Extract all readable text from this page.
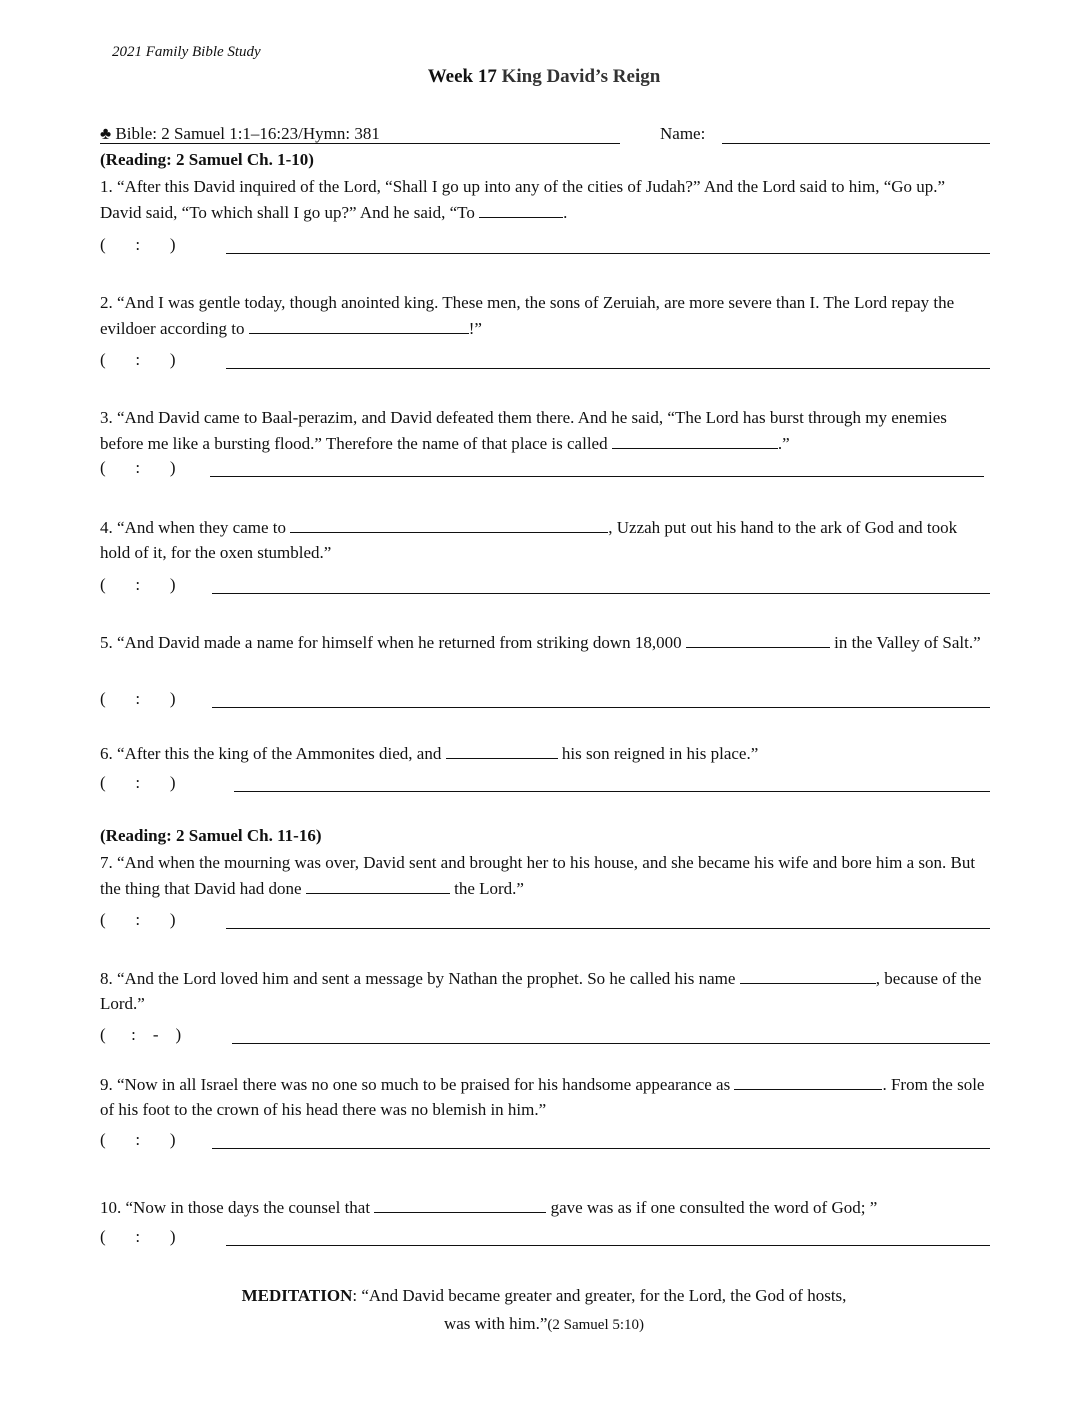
2021 Family Bible Study
Week 17 King David’s Reign
♣ Bible: 2 Samuel 1:1–16:23/Hymn: 381	Name:
(Reading: 2 Samuel Ch. 1-10)
1. “After this David inquired of the Lord, “Shall I go up into any of the cities of Judah?” And the Lord said to him, “Go up.” David said, “To which shall I go up?” And he said, “To	.
(       :       )
2. “And I was gentle today, though anointed king. These men, the sons of Zeruiah, are more severe than I. The Lord repay the evildoer according to	!”
(       :       )
3. “And David came to Baal-perazim, and David defeated them there. And he said, “The Lord has burst through my enemies before me like a bursting flood.” Therefore the name of that place is called	.”
(       :       )
4. “And when they came to	, Uzzah put out his hand to the ark of God and took hold of it, for the oxen stumbled.”
(       :       )
5. “And David made a name for himself when he returned from striking down 18,000	in the Valley of Salt.”
(       :       )
6. “After this the king of the Ammonites died, and	his son reigned in his place.”
(       :       )
(Reading: 2 Samuel Ch. 11-16)
7. “And when the mourning was over, David sent and brought her to his house, and she became his wife and bore him a son. But the thing that David had done	the Lord.”
(       :       )
8. “And the Lord loved him and sent a message by Nathan the prophet. So he called his name	, because of the Lord.”
(      :    -    )
9. “Now in all Israel there was no one so much to be praised for his handsome appearance as	. From the sole of his foot to the crown of his head there was no blemish in him.”
(       :       )
10. “Now in those days the counsel that	gave was as if one consulted the word of God; ”
(       :       )
MEDITATION: “And David became greater and greater, for the Lord, the God of hosts,
was with him.”(2 Samuel 5:10)
